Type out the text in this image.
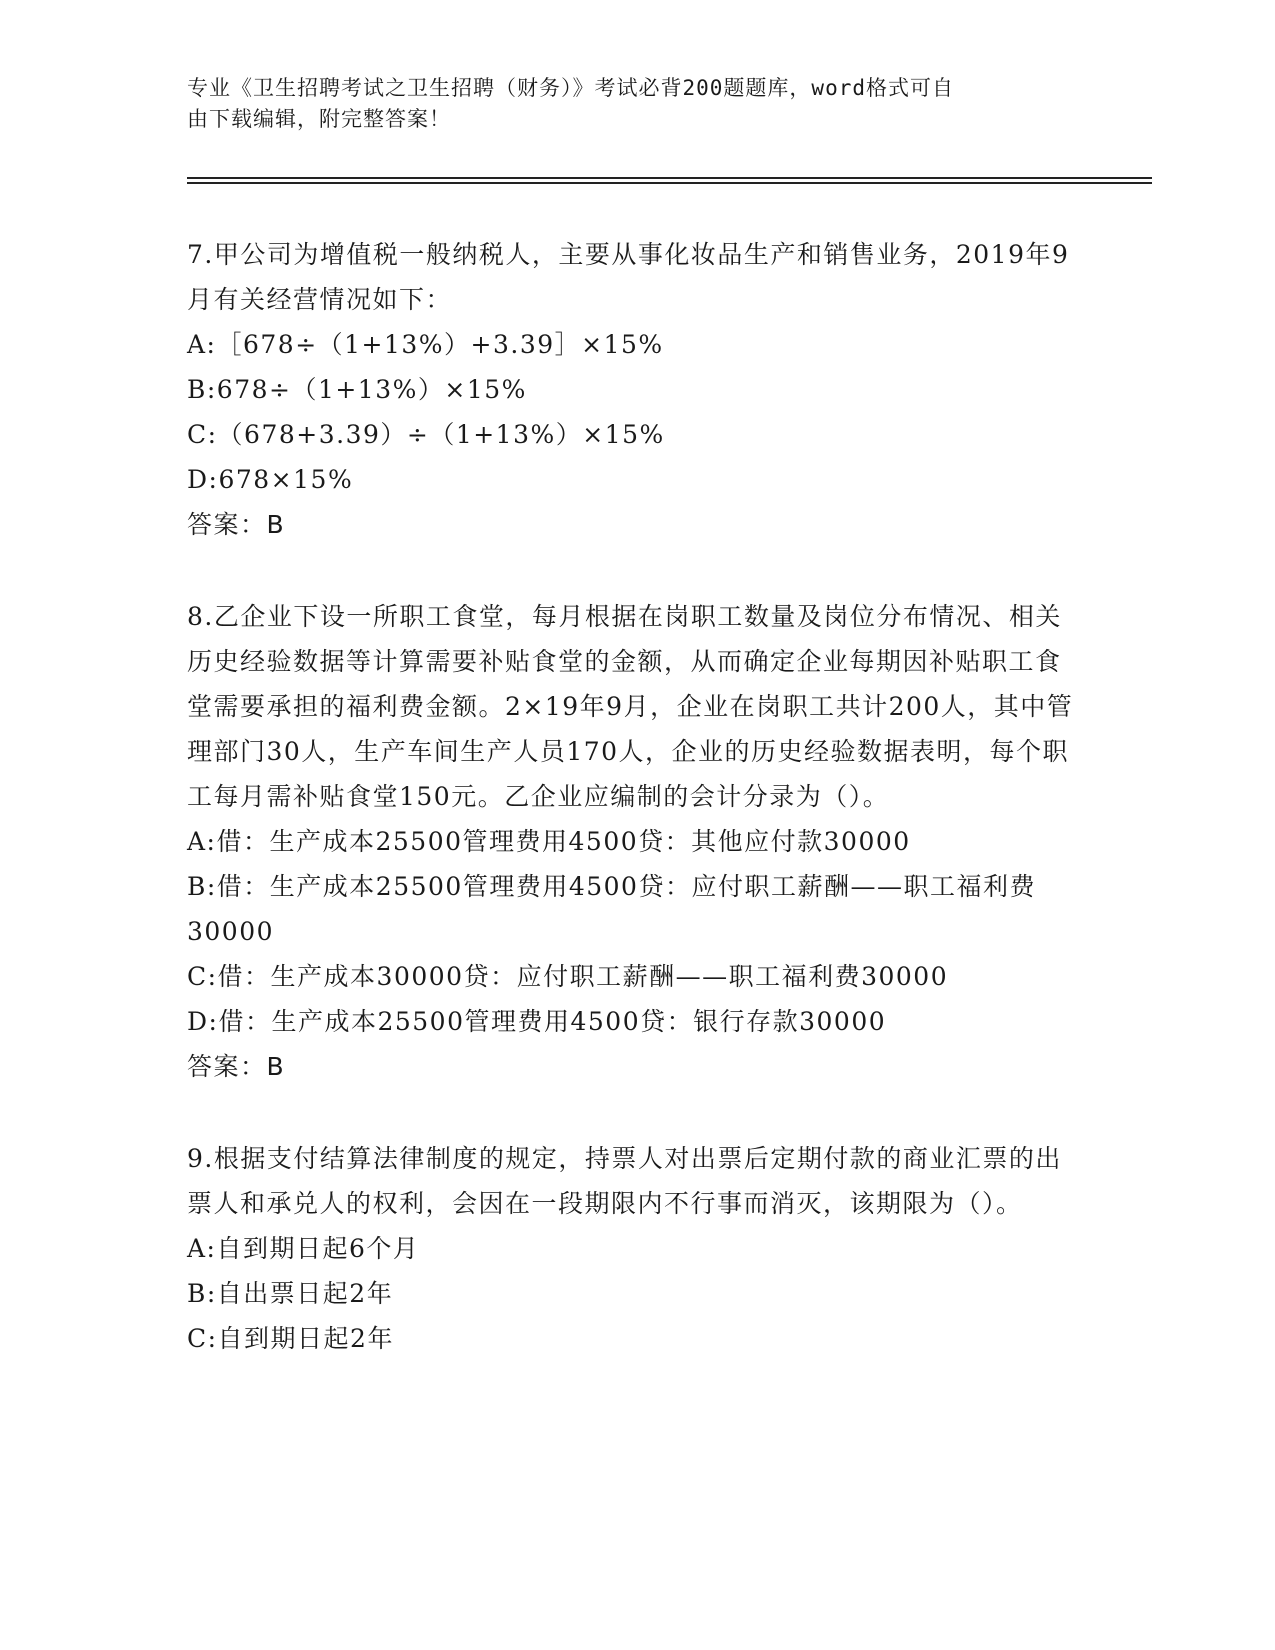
专业《卫生招聘考试之卫生招聘（财务）》考试必背200题题库，word格式可自
由下载编辑，附完整答案！

7.甲公司为增值税一般纳税人，主要从事化妆品生产和销售业务，2019年9月有关经营情况如下：

A:［678÷（1+13%）+3.39］×15%

B:678÷（1+13%）×15%

C:（678+3.39）÷（1+13%）×15%

D:678×15%

答案：B

8.乙企业下设一所职工食堂，每月根据在岗职工数量及岗位分布情况、相关历史经验数据等计算需要补贴食堂的金额，从而确定企业每期因补贴职工食堂需要承担的福利费金额。2×19年9月，企业在岗职工共计200人，其中管理部门30人，生产车间生产人员170人，企业的历史经验数据表明，每个职工每月需补贴食堂150元。乙企业应编制的会计分录为（）。

A:借：生产成本25500管理费用4500贷：其他应付款30000

B:借：生产成本25500管理费用4500贷：应付职工薪酬——职工福利费30000

C:借：生产成本30000贷：应付职工薪酬——职工福利费30000

D:借：生产成本25500管理费用4500贷：银行存款30000

答案：B

9.根据支付结算法律制度的规定，持票人对出票后定期付款的商业汇票的出票人和承兑人的权利，会因在一段期限内不行事而消灭，该期限为（）。

A:自到期日起6个月

B:自出票日起2年

C:自到期日起2年
